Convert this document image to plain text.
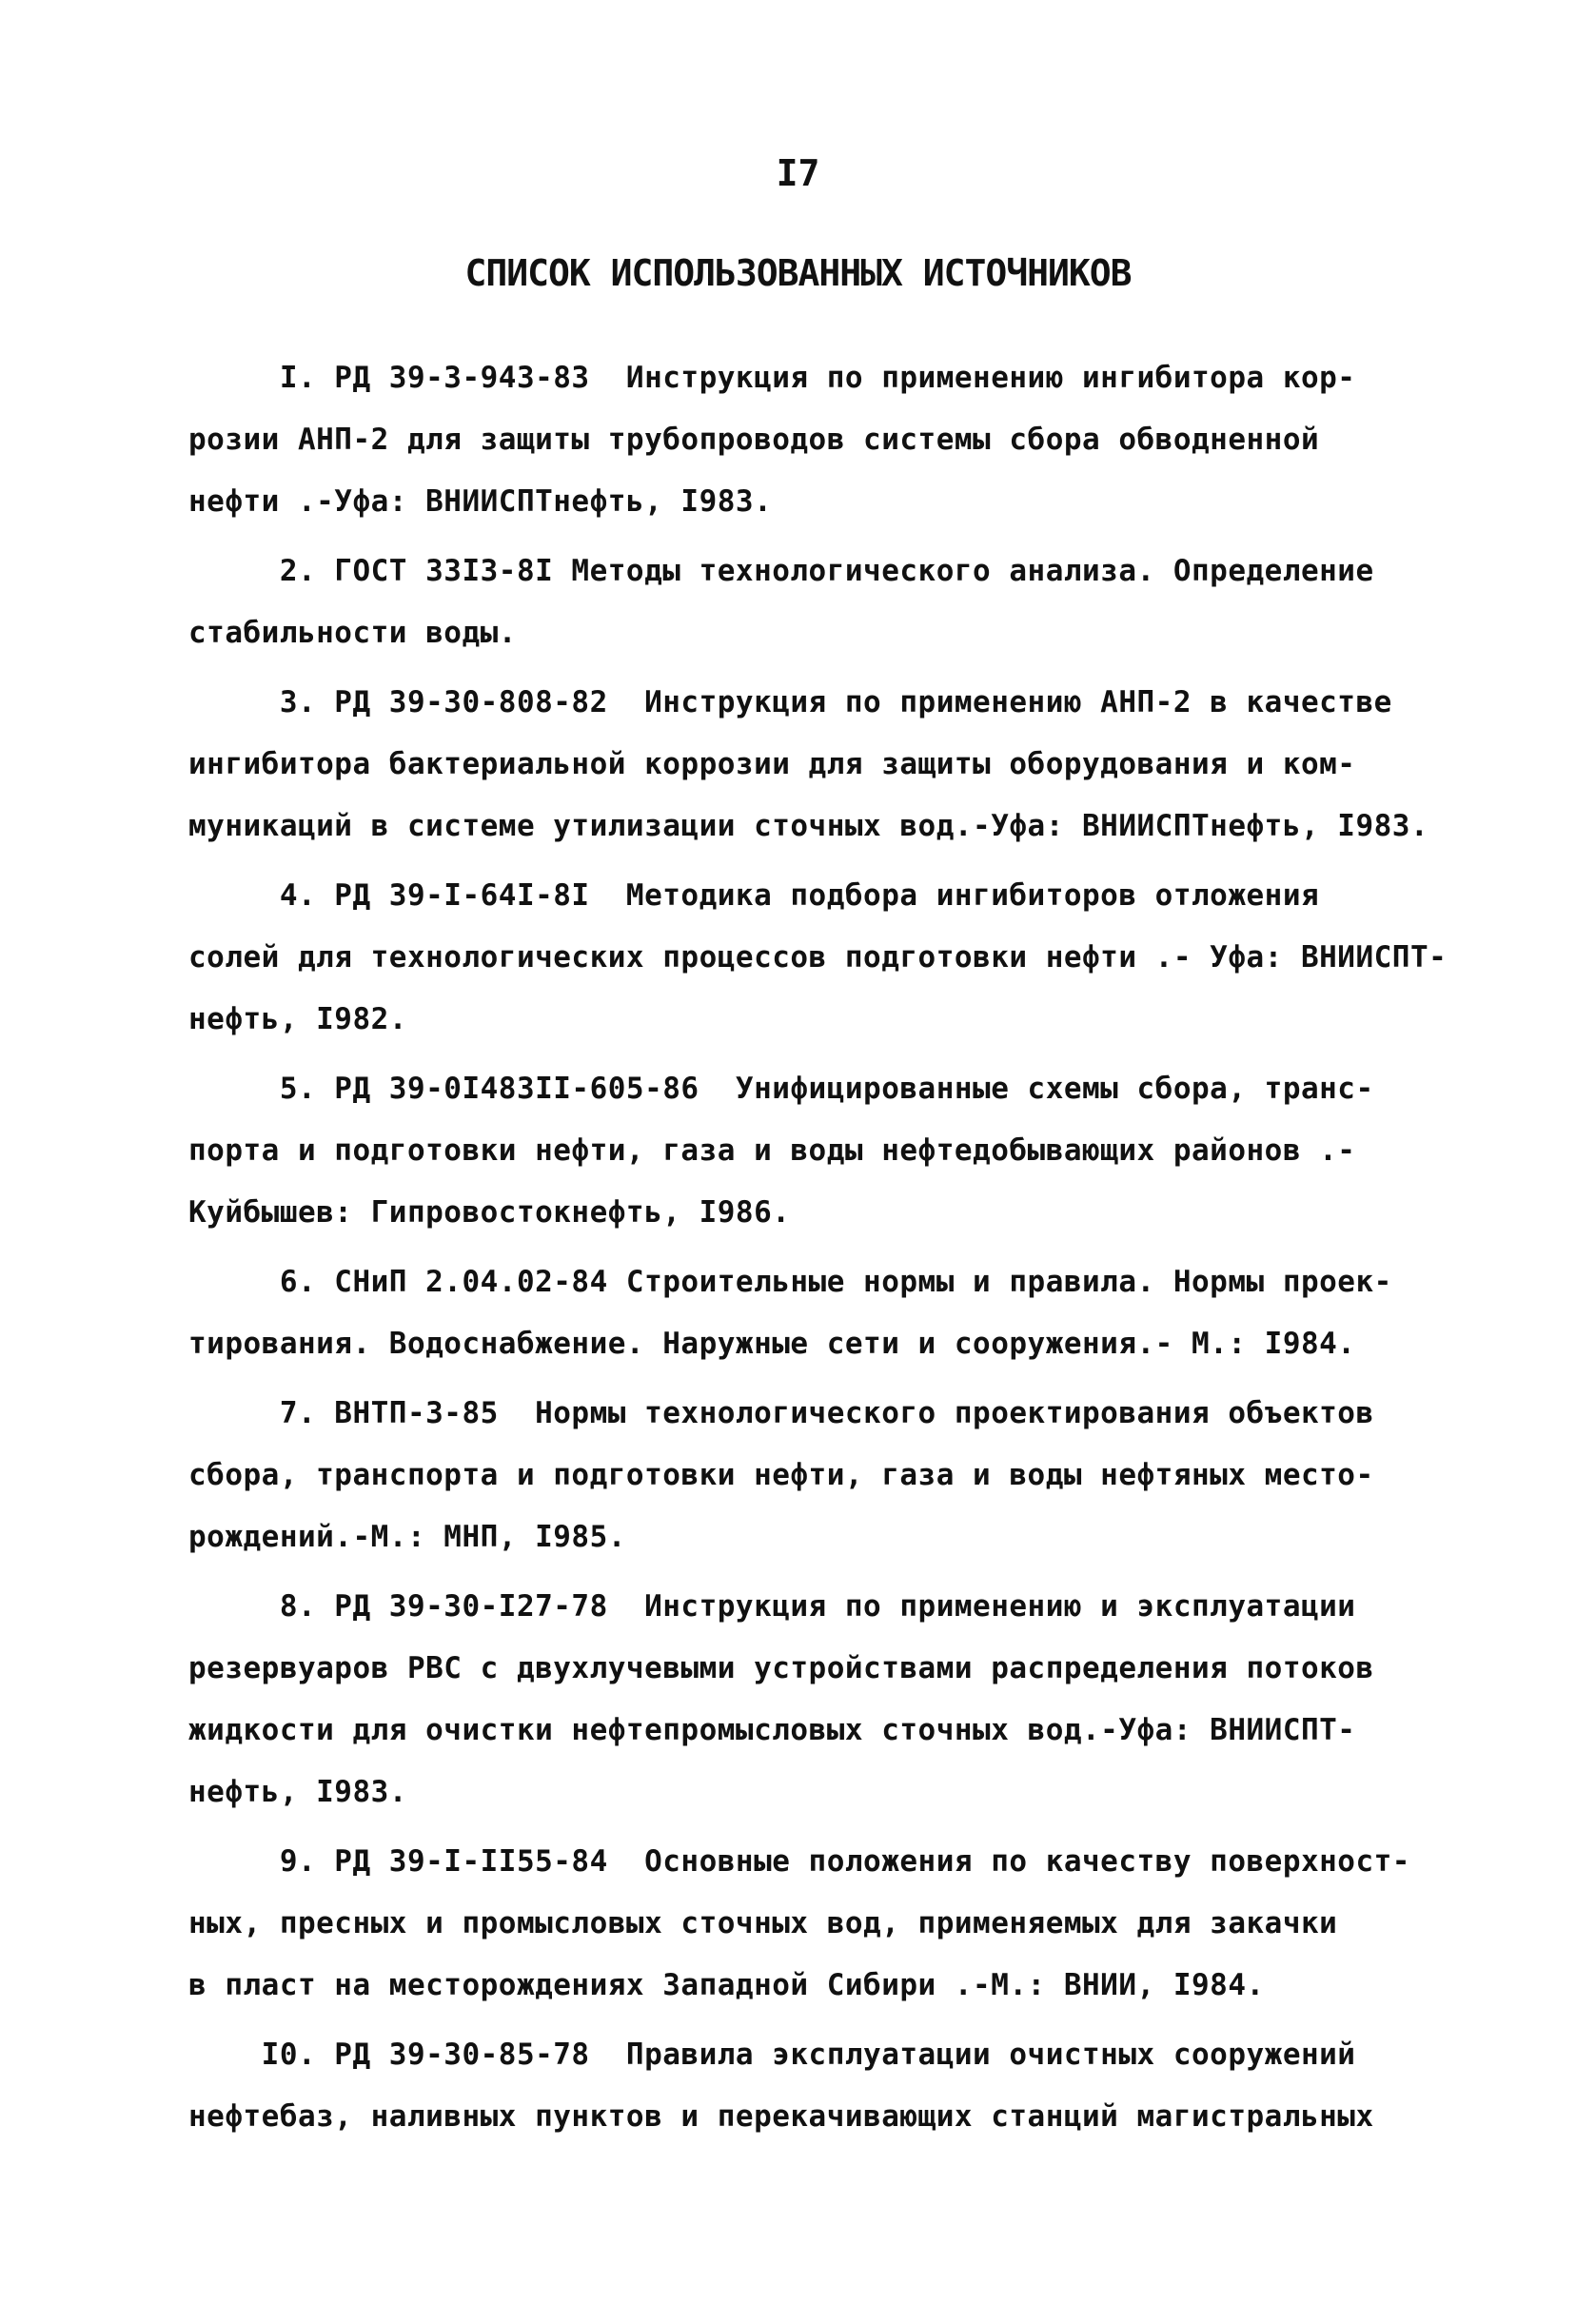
I7
СПИСОК ИСПОЛЬЗОВАННЫХ ИСТОЧНИКОВ
I. РД 39-3-943-83  Инструкция по применению ингибитора кор-
розии АНП-2 для защиты трубопроводов системы сбора обводненной
нефти .-Уфа: ВНИИСПТнефть, I983.
2. ГОСТ 33I3-8I Методы технологического анализа. Определение
стабильности воды.
3. РД 39-30-808-82  Инструкция по применению АНП-2 в качестве
ингибитора бактериальной коррозии для защиты оборудования и ком-
муникаций в системе утилизации сточных вод.-Уфа: ВНИИСПТнефть, I983.
4. РД 39-I-64I-8I  Методика подбора ингибиторов отложения
солей для технологических процессов подготовки нефти .- Уфа: ВНИИСПТ-
нефть, I982.
5. РД 39-0I483II-605-86  Унифицированные схемы сбора, транс-
порта и подготовки нефти, газа и воды нефтедобывающих районов .-
Куйбышев: Гипровостокнефть, I986.
6. СНиП 2.04.02-84 Строительные нормы и правила. Нормы проек-
тирования. Водоснабжение. Наружные сети и сооружения.- М.: I984.
7. ВНТП-3-85  Нормы технологического проектирования объектов
сбора, транспорта и подготовки нефти, газа и воды нефтяных место-
рождений.-М.: МНП, I985.
8. РД 39-30-I27-78  Инструкция по применению и эксплуатации
резервуаров РВС с двухлучевыми устройствами распределения потоков
жидкости для очистки нефтепромысловых сточных вод.-Уфа: ВНИИСПТ-
нефть, I983.
9. РД 39-I-II55-84  Основные положения по качеству поверхност-
ных, пресных и промысловых сточных вод, применяемых для закачки
в пласт на месторождениях Западной Сибири .-М.: ВНИИ, I984.
I0. РД 39-30-85-78  Правила эксплуатации очистных сооружений
нефтебаз, наливных пунктов и перекачивающих станций магистральных
